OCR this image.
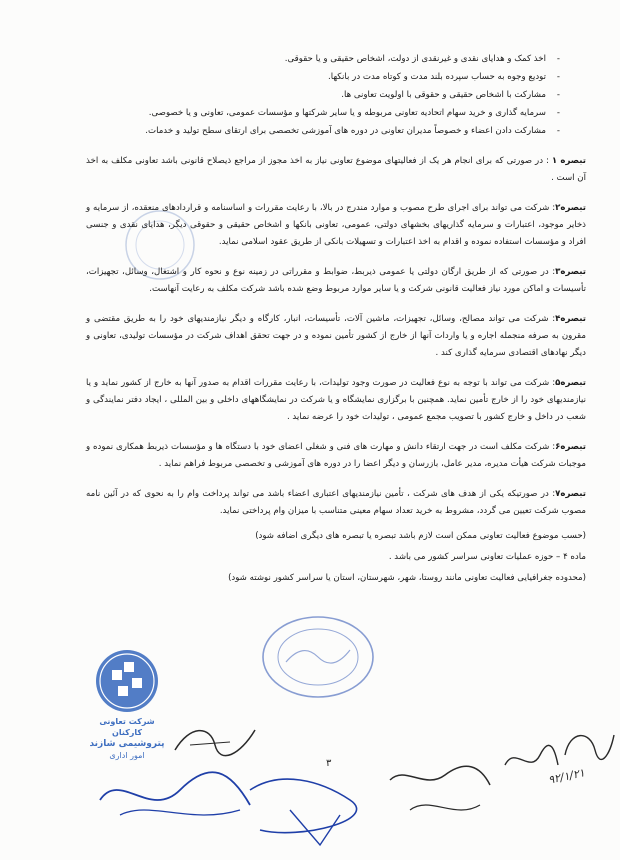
- اخذ کمک و هدایای نقدی و غیرنقدی از دولت، اشخاص حقیقی و یا حقوقی.
- تودیع وجوه به حساب سپرده بلند مدت و کوتاه مدت در بانکها.
- مشارکت با اشخاص حقیقی و حقوقی با اولویت تعاونی ها.
- سرمایه گذاری و خرید سهام اتحادیه تعاونی مربوطه و یا سایر شرکتها و مؤسسات عمومی، تعاونی و یا خصوصی.
- مشارکت دادن اعضاء و خصوصاً مدیران تعاونی در دوره های آموزشی تخصصی برای ارتقای سطح تولید و خدمات.

تبصره ۱ : در صورتی که برای انجام هر یک از فعالیتهای موضوع تعاونی نیاز به اخذ مجوز از مراجع ذیصلاح قانونی باشد تعاونی مکلف به اخذ آن است .

تبصره۲: شرکت می تواند برای اجرای طرح مصوب و موارد مندرج در بالا، با رعایت مقررات و اساسنامه و قراردادهای منعقده، از سرمایه و ذخایر موجود، اعتبارات و سرمایه گذاریهای بخشهای دولتی، عمومی، تعاونی بانکها و اشخاص حقیقی و حقوقی دیگر، هدایای نقدی و جنسی افراد و مؤسسات استفاده نموده و اقدام به اخذ اعتبارات و تسهیلات بانکی از طریق عقود اسلامی نماید.

تبصره۳: در صورتی که از طریق ارگان دولتی یا عمومی ذیربط، ضوابط و مقرراتی در زمینه نوع و نحوه کار و اشتغال، وسائل، تجهیزات، تأسیسات و اماکن مورد نیاز فعالیت قانونی شرکت و یا سایر موارد مربوط وضع شده باشد شرکت مکلف به رعایت آنهاست.

تبصره۴: شرکت می تواند مصالح، وسائل، تجهیزات، ماشین آلات، تأسیسات، انبار، کارگاه و دیگر نیازمندیهای خود را به طریق مقتضی و مقرون به صرفه منجمله اجاره و یا واردات آنها از خارج از کشور تأمین نموده و در جهت تحقق اهداف شرکت در مؤسسات تولیدی، تعاونی و دیگر نهادهای اقتصادی سرمایه گذاری کند .

تبصره۵: شرکت می تواند با توجه به نوع فعالیت در صورت وجود تولیدات، با رعایت مقررات اقدام به صدور آنها به خارج از کشور نماید و یا نیازمندیهای خود را از خارج تأمین نماید. همچنین با برگزاری نمایشگاه و یا شرکت در نمایشگاههای داخلی و بین المللی ، ایجاد دفتر نمایندگی و شعب در داخل و خارج کشور با تصویب مجمع عمومی ، تولیدات خود را عرضه نماید .

تبصره۶: شرکت مکلف است در جهت ارتقاء دانش و مهارت های فنی و شغلی اعضای خود با دستگاه ها و مؤسسات ذیربط همکاری نموده و موجبات شرکت هیأت مدیره، مدیر عامل، بازرسان و دیگر اعضا را در دوره های آموزشی و تخصصی مربوط فراهم نماید .

تبصره۷: در صورتیکه یکی از هدف های شرکت ، تأمین نیازمندیهای اعتباری اعضاء باشد می تواند پرداخت وام را به نحوی که در آئین نامه مصوب شرکت تعیین می گردد، مشروط به خرید تعداد سهام معینی متناسب با میزان وام پرداختی نماید.

(حسب موضوع فعالیت تعاونی ممکن است لازم باشد تبصره یا تبصره های دیگری اضافه شود)

ماده ۴ – حوزه عملیات تعاونی سراسر کشور می باشد .

(محدوده جغرافیایی فعالیت تعاونی مانند روستا، شهر، شهرستان، استان یا سراسر کشور نوشته شود)

شرکت تعاونی کارکنان
پتروشیمی شازند
امور اداری
۳
۹۲/۱/۲۱
